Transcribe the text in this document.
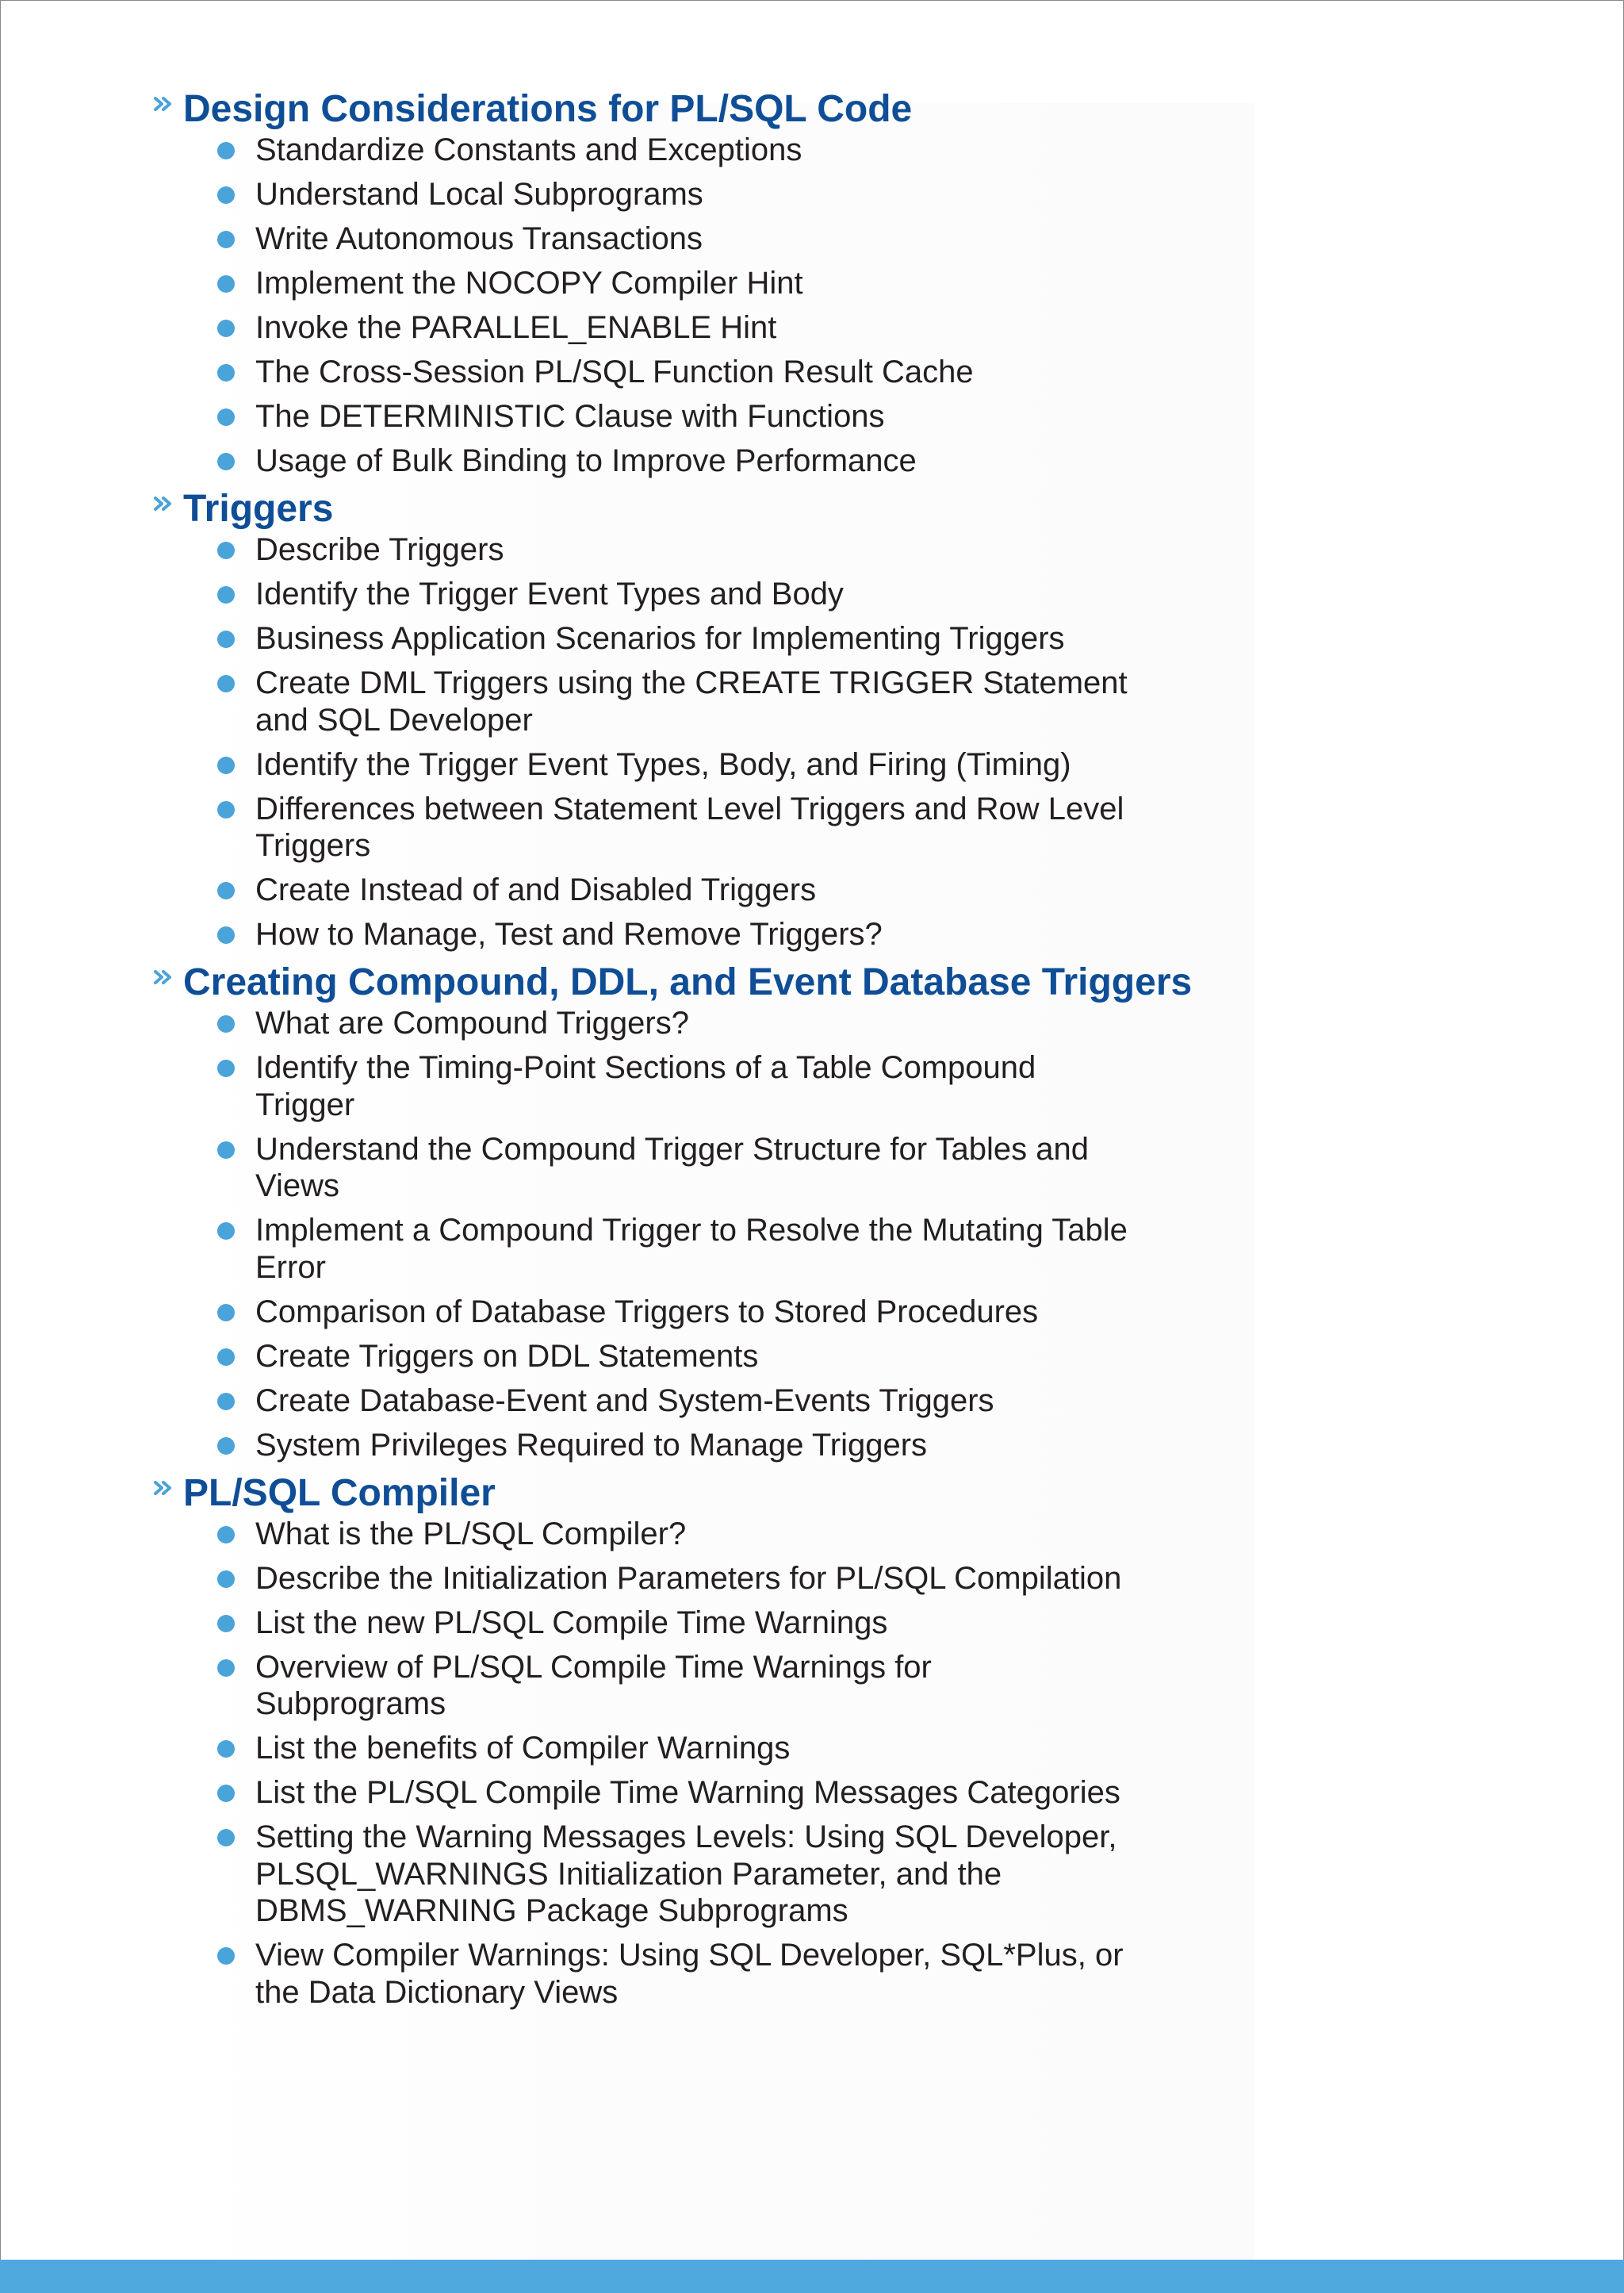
Design Considerations for PL/SQL Code
Standardize Constants and Exceptions
Understand Local Subprograms
Write Autonomous Transactions
Implement the NOCOPY Compiler Hint
Invoke the PARALLEL_ENABLE Hint
The Cross-Session PL/SQL Function Result Cache
The DETERMINISTIC Clause with Functions
Usage of Bulk Binding to Improve Performance
Triggers
Describe Triggers
Identify the Trigger Event Types and Body
Business Application Scenarios for Implementing Triggers
Create DML Triggers using the CREATE TRIGGER Statement and SQL Developer
Identify the Trigger Event Types, Body, and Firing (Timing)
Differences between Statement Level Triggers and Row Level Triggers
Create Instead of and Disabled Triggers
How to Manage, Test and Remove Triggers?
Creating Compound, DDL, and Event Database Triggers
What are Compound Triggers?
Identify the Timing-Point Sections of a Table Compound Trigger
Understand the Compound Trigger Structure for Tables and Views
Implement a Compound Trigger to Resolve the Mutating Table Error
Comparison of Database Triggers to Stored Procedures
Create Triggers on DDL Statements
Create Database-Event and System-Events Triggers
System Privileges Required to Manage Triggers
PL/SQL Compiler
What is the PL/SQL Compiler?
Describe the Initialization Parameters for PL/SQL Compilation
List the new PL/SQL Compile Time Warnings
Overview of PL/SQL Compile Time Warnings for Subprograms
List the benefits of Compiler Warnings
List the PL/SQL Compile Time Warning Messages Categories
Setting the Warning Messages Levels: Using SQL Developer, PLSQL_WARNINGS Initialization Parameter, and the DBMS_WARNING Package Subprograms
View Compiler Warnings: Using SQL Developer, SQL*Plus, or the Data Dictionary Views
